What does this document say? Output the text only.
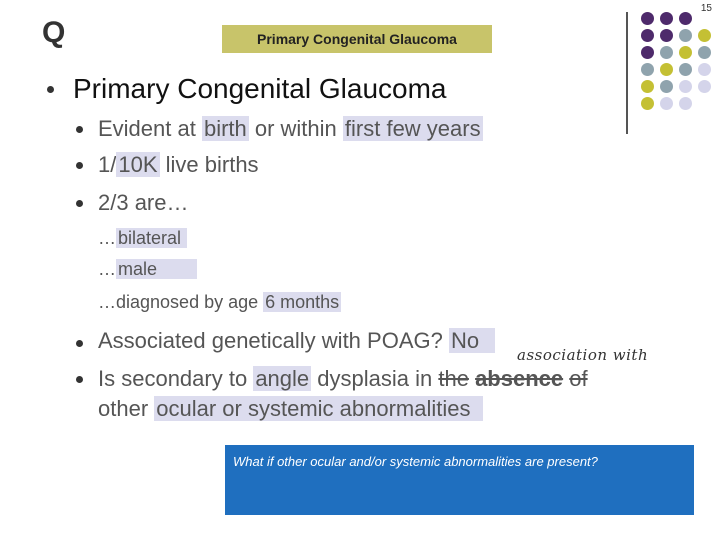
15
Q	Primary Congenital Glaucoma
Primary Congenital Glaucoma
Evident at birth or within first few years
1/10K live births
2/3 are…
… bilateral
… male
…diagnosed by age 6 months
Associated genetically with POAG? No
association with
Is secondary to angle dysplasia in the absence of
other ocular or systemic abnormalities
What if other ocular and/or systemic abnormalities are present?
